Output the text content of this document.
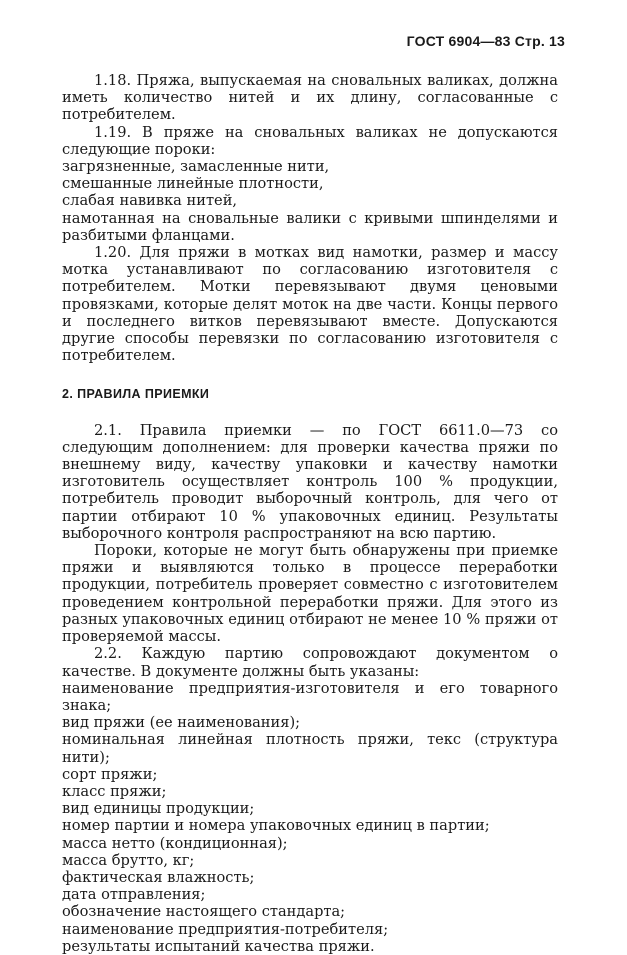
ГОСТ 6904—83 Стр. 13

1.18. Пряжа, выпускаемая на сновальных валиках, должна иметь количество нитей и их длину, согласованные с потребителем.

1.19. В пряже на сновальных валиках не допускаются следующие пороки:

загрязненные, замасленные нити,

смешанные линейные плотности,

слабая навивка нитей,

намотанная на сновальные валики с кривыми шпинделями и разбитыми фланцами.

1.20. Для пряжи в мотках вид намотки, размер и массу мотка устанавливают по согласованию изготовителя с потребителем. Мотки перевязывают двумя ценовыми провязками, которые делят моток на две части. Концы первого и последнего витков перевязывают вместе. Допускаются другие способы перевязки по согласованию изготовителя с потребителем.

2. ПРАВИЛА ПРИЕМКИ

2.1. Правила приемки — по ГОСТ 6611.0—73 со следующим дополнением: для проверки качества пряжи по внешнему виду, качеству упаковки и качеству намотки изготовитель осуществляет контроль 100 % продукции, потребитель проводит выборочный контроль, для чего от партии отбирают 10 % упаковочных единиц. Результаты выборочного контроля распространяют на всю партию.

Пороки, которые не могут быть обнаружены при приемке пряжи и выявляются только в процессе переработки продукции, потребитель проверяет совместно с изготовителем проведением контрольной переработки пряжи. Для этого из разных упаковочных единиц отбирают не менее 10 % пряжи от проверяемой массы.

2.2. Каждую партию сопровождают документом о качестве. В документе должны быть указаны:

наименование предприятия-изготовителя и его товарного знака;

вид пряжи (ее наименования);

номинальная линейная плотность пряжи, текс (структура нити);

сорт пряжи;

класс пряжи;

вид единицы продукции;

номер партии и номера упаковочных единиц в партии;

масса нетто (кондиционная);

масса брутто, кг;

фактическая влажность;

дата отправления;

обозначение настоящего стандарта;

наименование предприятия-потребителя;

результаты испытаний качества пряжи.
